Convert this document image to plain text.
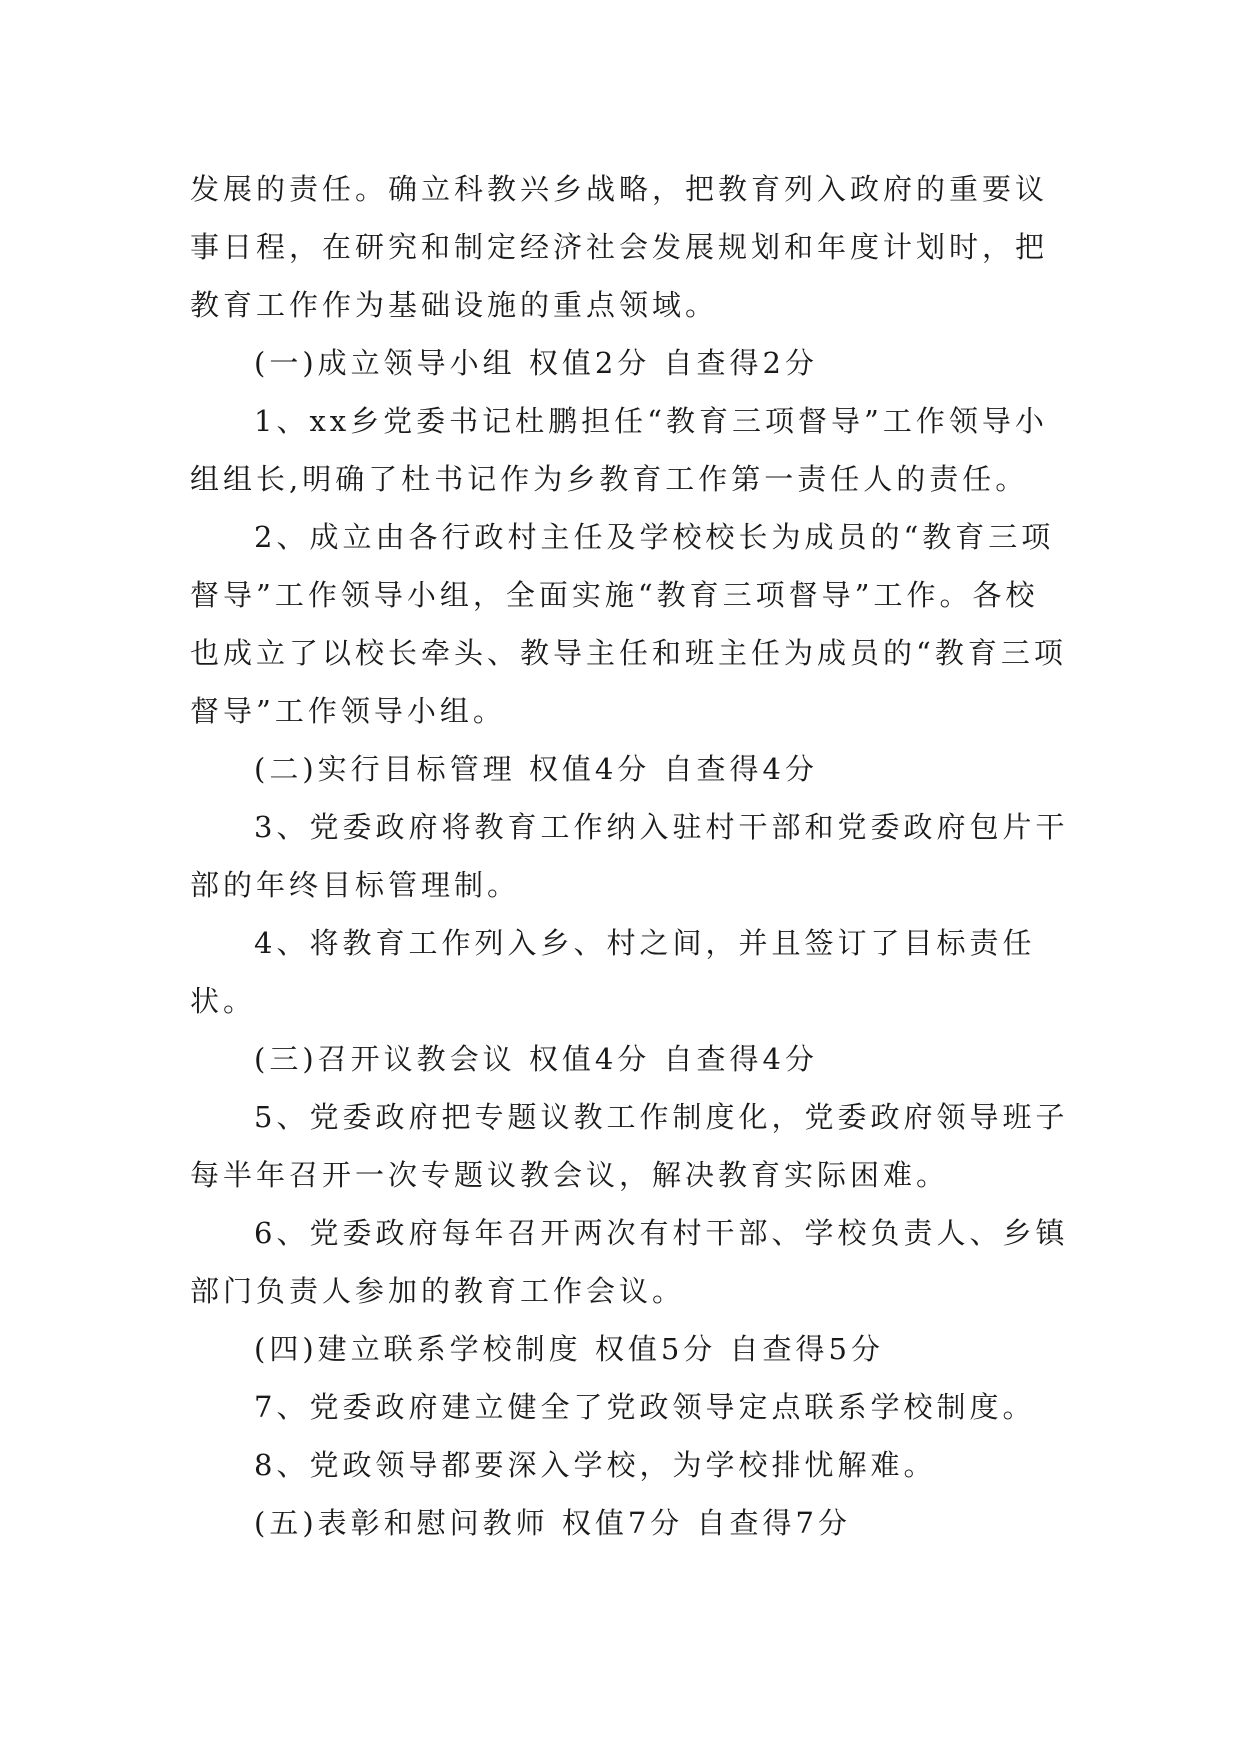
发展的责任。确立科教兴乡战略，把教育列入政府的重要议事日程，在研究和制定经济社会发展规划和年度计划时，把教育工作作为基础设施的重点领域。

(一)成立领导小组 权值2分 自查得2分

1、xx乡党委书记杜鹏担任“教育三项督导”工作领导小组组长,明确了杜书记作为乡教育工作第一责任人的责任。

2、成立由各行政村主任及学校校长为成员的“教育三项督导”工作领导小组，全面实施“教育三项督导”工作。各校也成立了以校长牵头、教导主任和班主任为成员的“教育三项督导”工作领导小组。

(二)实行目标管理 权值4分 自查得4分

3、党委政府将教育工作纳入驻村干部和党委政府包片干部的年终目标管理制。

4、将教育工作列入乡、村之间，并且签订了目标责任状。

(三)召开议教会议 权值4分 自查得4分

5、党委政府把专题议教工作制度化，党委政府领导班子每半年召开一次专题议教会议，解决教育实际困难。

6、党委政府每年召开两次有村干部、学校负责人、乡镇部门负责人参加的教育工作会议。

(四)建立联系学校制度 权值5分 自查得5分

7、党委政府建立健全了党政领导定点联系学校制度。

8、党政领导都要深入学校，为学校排忧解难。

(五)表彰和慰问教师 权值7分 自查得7分
